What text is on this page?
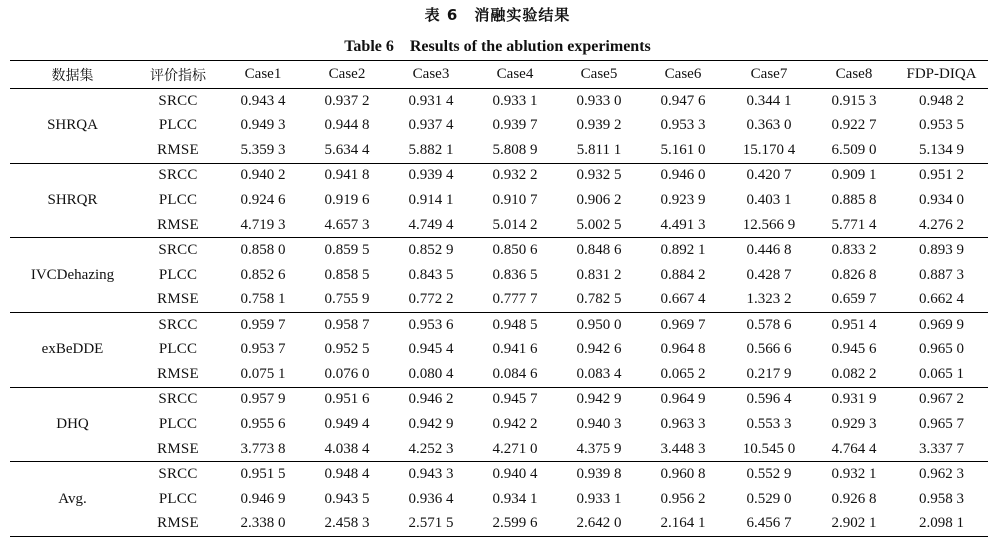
表 6　消融实验结果
Table 6　Results of the ablution experiments
数据集	评价指标	Case1	Case2	Case3	Case4	Case5	Case6	Case7	Case8	FDP-DIQA
SHRQA	SRCC	0.943 4	0.937 2	0.931 4	0.933 1	0.933 0	0.947 6	0.344 1	0.915 3	0.948 2
	PLCC	0.949 3	0.944 8	0.937 4	0.939 7	0.939 2	0.953 3	0.363 0	0.922 7	0.953 5
	RMSE	5.359 3	5.634 4	5.882 1	5.808 9	5.811 1	5.161 0	15.170 4	6.509 0	5.134 9
SHRQR	SRCC	0.940 2	0.941 8	0.939 4	0.932 2	0.932 5	0.946 0	0.420 7	0.909 1	0.951 2
	PLCC	0.924 6	0.919 6	0.914 1	0.910 7	0.906 2	0.923 9	0.403 1	0.885 8	0.934 0
	RMSE	4.719 3	4.657 3	4.749 4	5.014 2	5.002 5	4.491 3	12.566 9	5.771 4	4.276 2
IVCDehazing	SRCC	0.858 0	0.859 5	0.852 9	0.850 6	0.848 6	0.892 1	0.446 8	0.833 2	0.893 9
	PLCC	0.852 6	0.858 5	0.843 5	0.836 5	0.831 2	0.884 2	0.428 7	0.826 8	0.887 3
	RMSE	0.758 1	0.755 9	0.772 2	0.777 7	0.782 5	0.667 4	1.323 2	0.659 7	0.662 4
exBeDDE	SRCC	0.959 7	0.958 7	0.953 6	0.948 5	0.950 0	0.969 7	0.578 6	0.951 4	0.969 9
	PLCC	0.953 7	0.952 5	0.945 4	0.941 6	0.942 6	0.964 8	0.566 6	0.945 6	0.965 0
	RMSE	0.075 1	0.076 0	0.080 4	0.084 6	0.083 4	0.065 2	0.217 9	0.082 2	0.065 1
DHQ	SRCC	0.957 9	0.951 6	0.946 2	0.945 7	0.942 9	0.964 9	0.596 4	0.931 9	0.967 2
	PLCC	0.955 6	0.949 4	0.942 9	0.942 2	0.940 3	0.963 3	0.553 3	0.929 3	0.965 7
	RMSE	3.773 8	4.038 4	4.252 3	4.271 0	4.375 9	3.448 3	10.545 0	4.764 4	3.337 7
Avg.	SRCC	0.951 5	0.948 4	0.943 3	0.940 4	0.939 8	0.960 8	0.552 9	0.932 1	0.962 3
	PLCC	0.946 9	0.943 5	0.936 4	0.934 1	0.933 1	0.956 2	0.529 0	0.926 8	0.958 3
	RMSE	2.338 0	2.458 3	2.571 5	2.599 6	2.642 0	2.164 1	6.456 7	2.902 1	2.098 1
